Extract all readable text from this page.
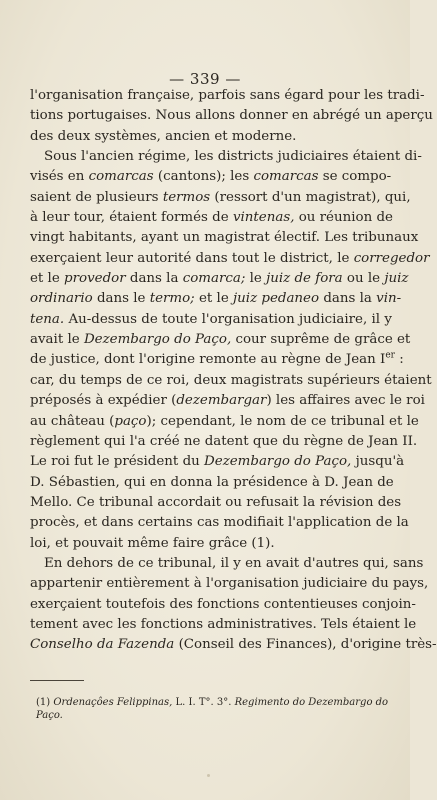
— 339 —
l'organisation française, parfois sans égard pour les tradi-
tions portugaises. Nous allons donner en abrégé un aperçu
des deux systèmes, ancien et moderne.
Sous l'ancien régime, les districts judiciaires étaient di-
visés en comarcas (cantons); les comarcas se compo-
saient de plusieurs termos (ressort d'un magistrat), qui,
à leur tour, étaient formés de vintenas, ou réunion de
vingt habitants, ayant un magistrat électif. Les tribunaux
exerçaient leur autorité dans tout le district, le corregedor
et le provedor dans la comarca; le juiz de fora ou le juiz
ordinario dans le termo; et le juiz pedaneo dans la vin-
tena. Au-dessus de toute l'organisation judiciaire, il y
avait le Dezembargo do Paço, cour suprême de grâce et
de justice, dont l'origine remonte au règne de Jean Ier :
car, du temps de ce roi, deux magistrats supérieurs étaient
préposés à expédier (dezembargar) les affaires avec le roi
au château (paço); cependant, le nom de ce tribunal et le
règlement qui l'a créé ne datent que du règne de Jean II.
Le roi fut le président du Dezembargo do Paço, jusqu'à
D. Sébastien, qui en donna la présidence à D. Jean de
Mello. Ce tribunal accordait ou refusait la révision des
procès, et dans certains cas modifiait l'application de la
loi, et pouvait même faire grâce (1).
En dehors de ce tribunal, il y en avait d'autres qui, sans
appartenir entièrement à l'organisation judiciaire du pays,
exerçaient toutefois des fonctions contentieuses conjoin-
tement avec les fonctions administratives. Tels étaient le
Conselho da Fazenda (Conseil des Finances), d'origine très-
(1) Ordenaçôes Felippinas, L. I. T°. 3°. Regimento do Dezembargo do
Paço.
